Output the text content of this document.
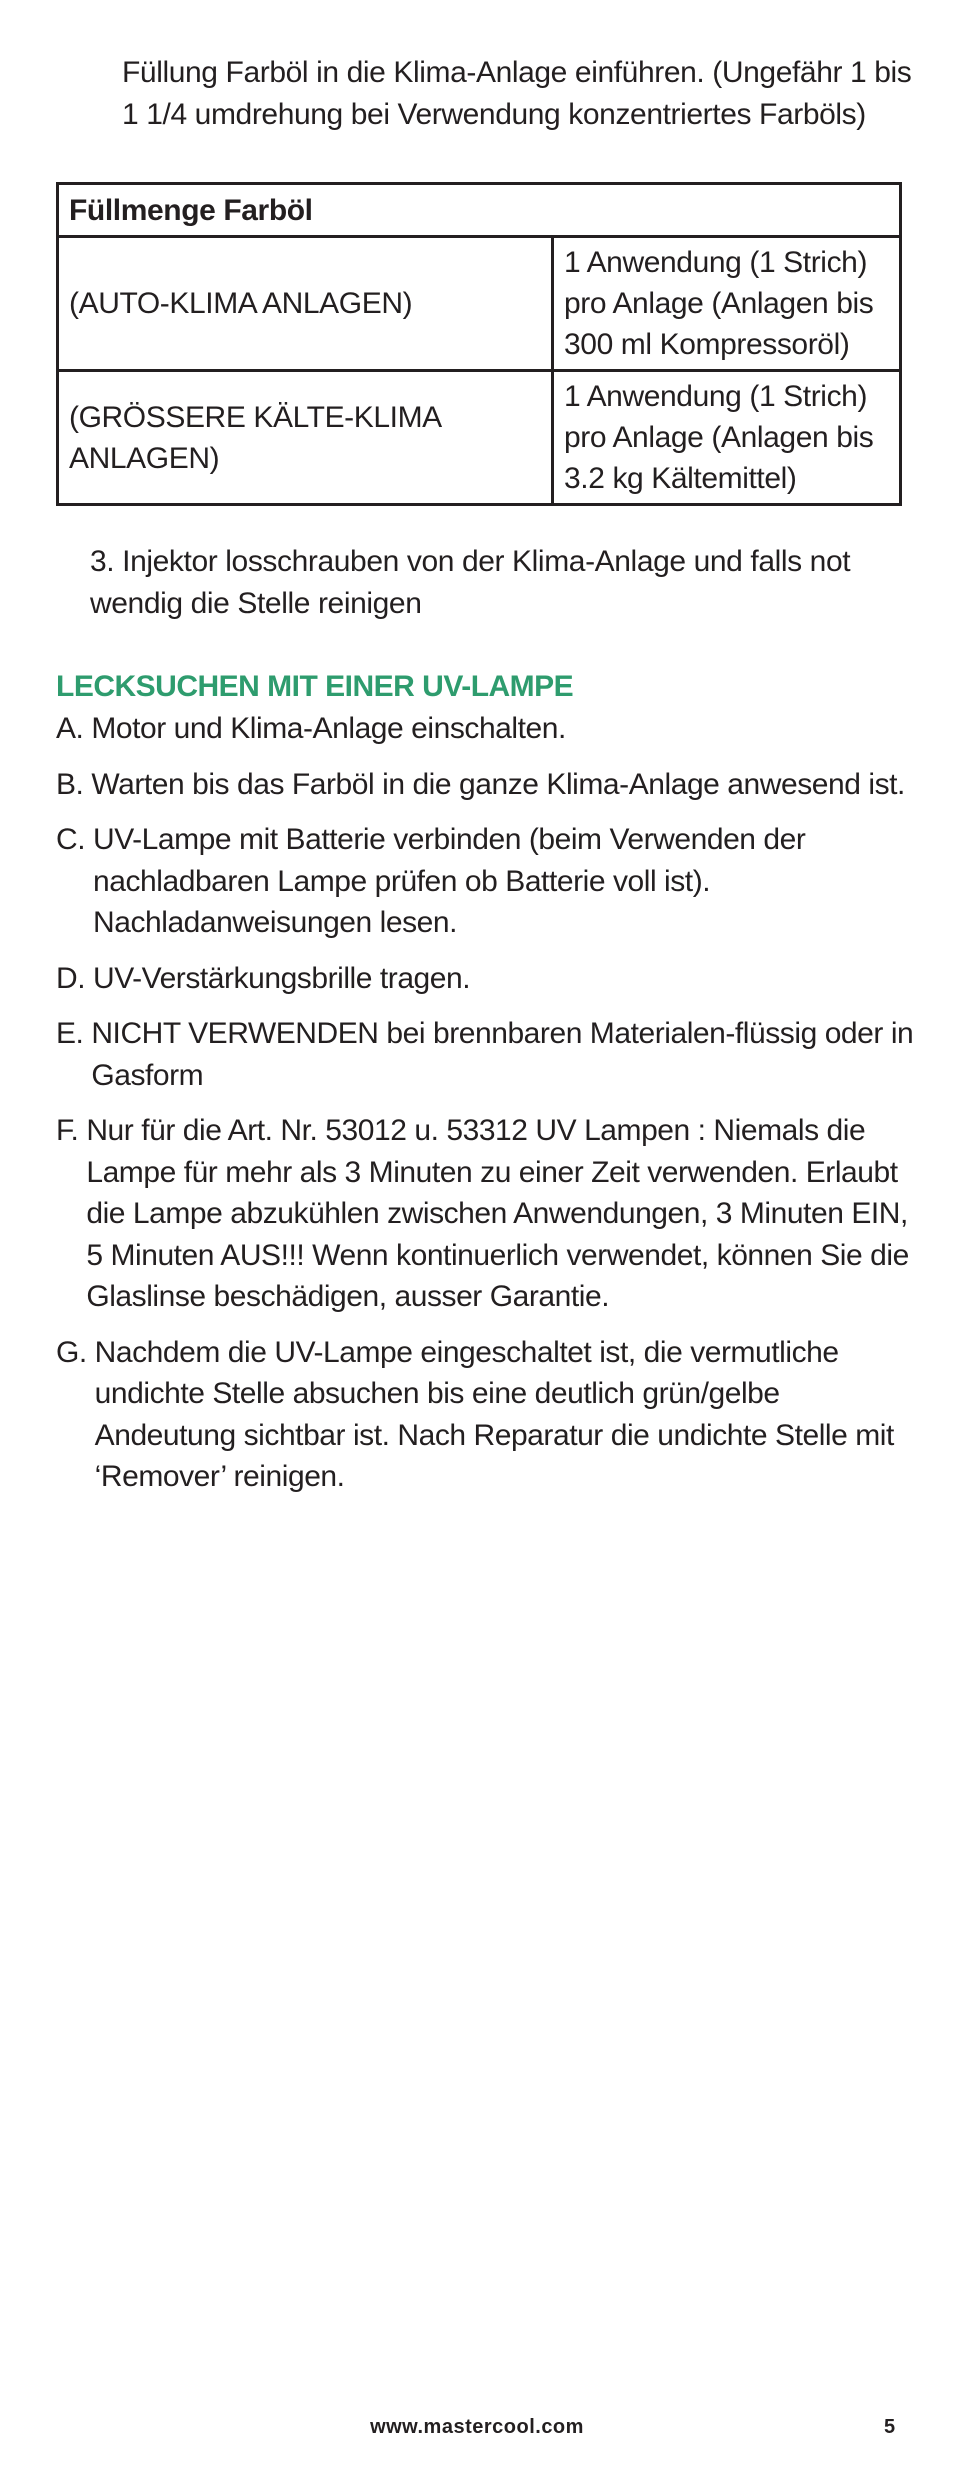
Füllung Farböl in die Klima-Anlage einführen. (Ungefähr 1 bis
1 1/4 umdrehung bei Verwendung konzentriertes Farböls)
Füllmenge Farböl	
(AUTO-KLIMA ANLAGEN)	1 Anwendung (1 Strich)
pro Anlage (Anlagen bis
300 ml Kompressoröl)

(GRÖSSERE KÄLTE-KLIMA ANLAGEN)	1 Anwendung (1 Strich)
pro Anlage (Anlagen bis
3.2 kg Kältemittel)
3. Injektor losschrauben von der Klima-Anlage und falls not
wendig die Stelle reinigen
LECKSUCHEN MIT EINER UV-LAMPE
A. Motor und Klima-Anlage einschalten.
B. Warten bis das Farböl in die ganze Klima-Anlage anwesend ist.
C. UV-Lampe mit Batterie verbinden (beim Verwenden der
nachladbaren Lampe prüfen ob Batterie voll ist).
Nachladanweisungen lesen.
D. UV-Verstärkungsbrille tragen.
E. NICHT VERWENDEN bei brennbaren Materialen-flüssig oder in
Gasform
F. Nur für die Art. Nr. 53012 u. 53312 UV Lampen : Niemals die
Lampe für mehr als 3 Minuten zu einer Zeit verwenden. Erlaubt
die Lampe abzukühlen zwischen Anwendungen, 3 Minuten EIN,
5 Minuten AUS!!! Wenn kontinuerlich verwendet, können Sie die
Glaslinse beschädigen, ausser Garantie.
G. Nachdem die UV-Lampe eingeschaltet ist, die vermutliche
undichte Stelle absuchen bis eine deutlich grün/gelbe
Andeutung sichtbar ist. Nach Reparatur die undichte Stelle mit
‘Remover’ reinigen.
www.mastercool.com	5
